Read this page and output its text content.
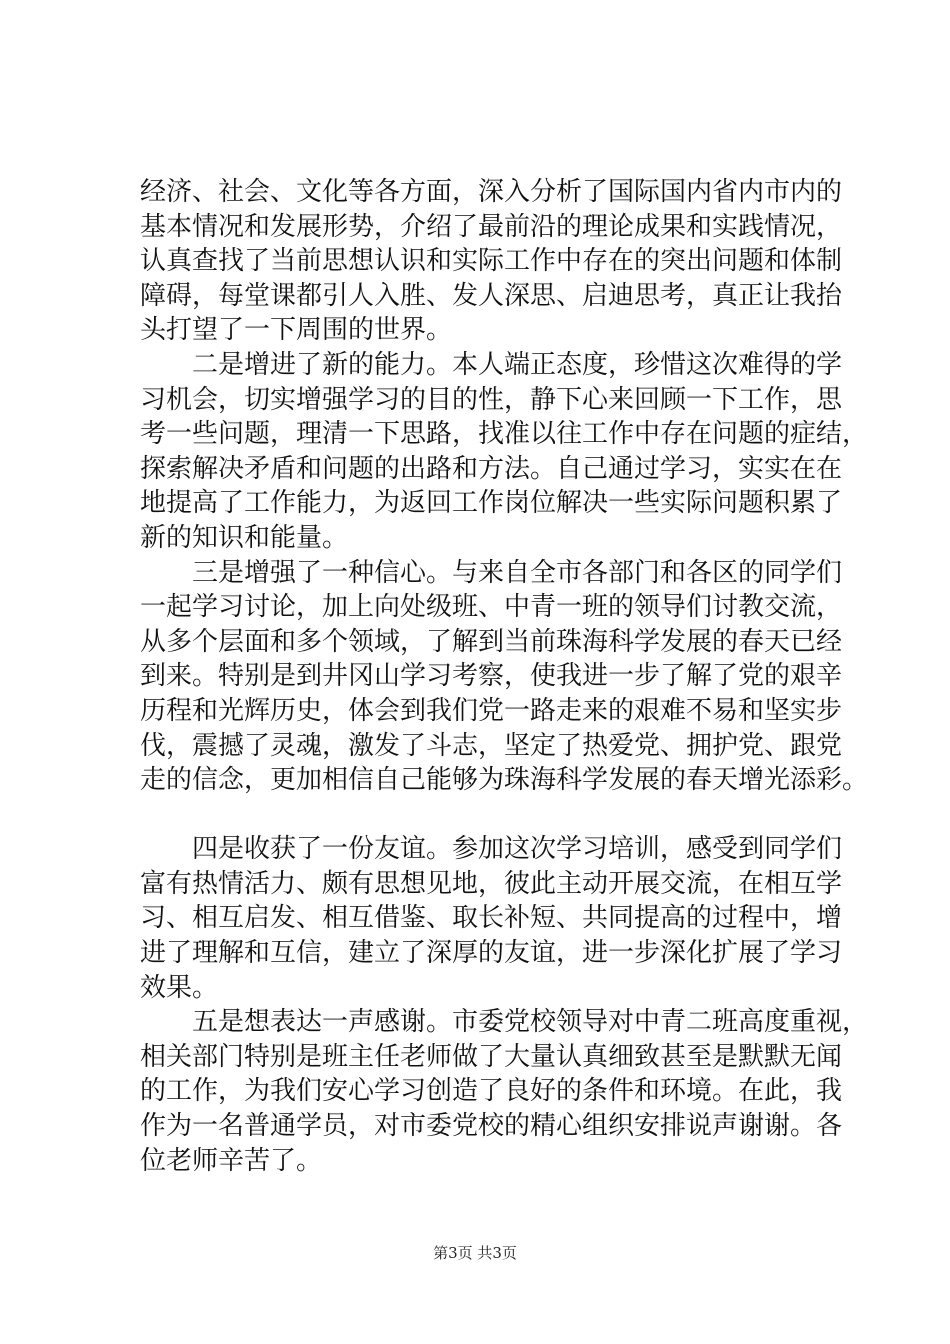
经济、社会、文化等各方面，深入分析了国际国内省内市内的
基本情况和发展形势，介绍了最前沿的理论成果和实践情况，
认真查找了当前思想认识和实际工作中存在的突出问题和体制
障碍，每堂课都引人入胜、发人深思、启迪思考，真正让我抬
头打望了一下周围的世界。
二是增进了新的能力。本人端正态度，珍惜这次难得的学
习机会，切实增强学习的目的性，静下心来回顾一下工作，思
考一些问题，理清一下思路，找准以往工作中存在问题的症结，
探索解决矛盾和问题的出路和方法。自己通过学习，实实在在
地提高了工作能力，为返回工作岗位解决一些实际问题积累了
新的知识和能量。
三是增强了一种信心。与来自全市各部门和各区的同学们
一起学习讨论，加上向处级班、中青一班的领导们讨教交流，
从多个层面和多个领域，了解到当前珠海科学发展的春天已经
到来。特别是到井冈山学习考察，使我进一步了解了党的艰辛
历程和光辉历史，体会到我们党一路走来的艰难不易和坚实步
伐，震撼了灵魂，激发了斗志，坚定了热爱党、拥护党、跟党
走的信念，更加相信自己能够为珠海科学发展的春天增光添彩。
四是收获了一份友谊。参加这次学习培训，感受到同学们
富有热情活力、颇有思想见地，彼此主动开展交流，在相互学
习、相互启发、相互借鉴、取长补短、共同提高的过程中，增
进了理解和互信，建立了深厚的友谊，进一步深化扩展了学习
效果。
五是想表达一声感谢。市委党校领导对中青二班高度重视，
相关部门特别是班主任老师做了大量认真细致甚至是默默无闻
的工作，为我们安心学习创造了良好的条件和环境。在此，我
作为一名普通学员，对市委党校的精心组织安排说声谢谢。各
位老师辛苦了。
第3页 共3页
